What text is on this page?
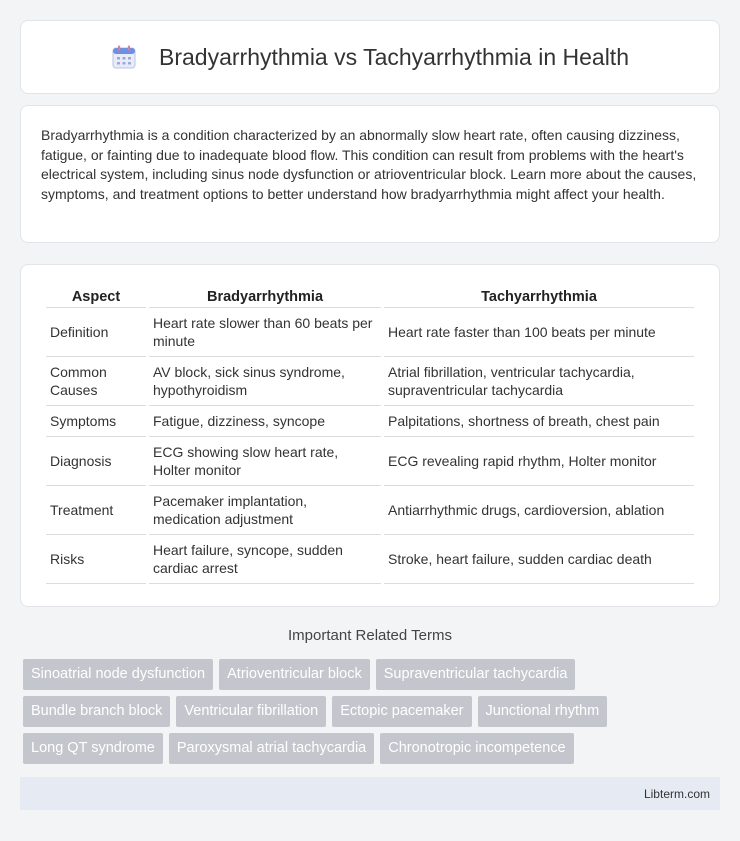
Bradyarrhythmia vs Tachyarrhythmia in Health

Bradyarrhythmia is a condition characterized by an abnormally slow heart rate, often causing dizziness, fatigue, or fainting due to inadequate blood flow. This condition can result from problems with the heart's electrical system, including sinus node dysfunction or atrioventricular block. Learn more about the causes, symptoms, and treatment options to better understand how bradyarrhythmia might affect your health.

Aspect	Bradyarrhythmia	Tachyarrhythmia
Definition	Heart rate slower than 60 beats per minute	Heart rate faster than 100 beats per minute
Common Causes	AV block, sick sinus syndrome, hypothyroidism	Atrial fibrillation, ventricular tachycardia, supraventricular tachycardia
Symptoms	Fatigue, dizziness, syncope	Palpitations, shortness of breath, chest pain
Diagnosis	ECG showing slow heart rate, Holter monitor	ECG revealing rapid rhythm, Holter monitor
Treatment	Pacemaker implantation, medication adjustment	Antiarrhythmic drugs, cardioversion, ablation
Risks	Heart failure, syncope, sudden cardiac arrest	Stroke, heart failure, sudden cardiac death
Important Related Terms
Sinoatrial node dysfunction	Atrioventricular block	Supraventricular tachycardia
Bundle branch block	Ventricular fibrillation	Ectopic pacemaker	Junctional rhythm
Long QT syndrome	Paroxysmal atrial tachycardia	Chronotropic incompetence
Libterm.com
